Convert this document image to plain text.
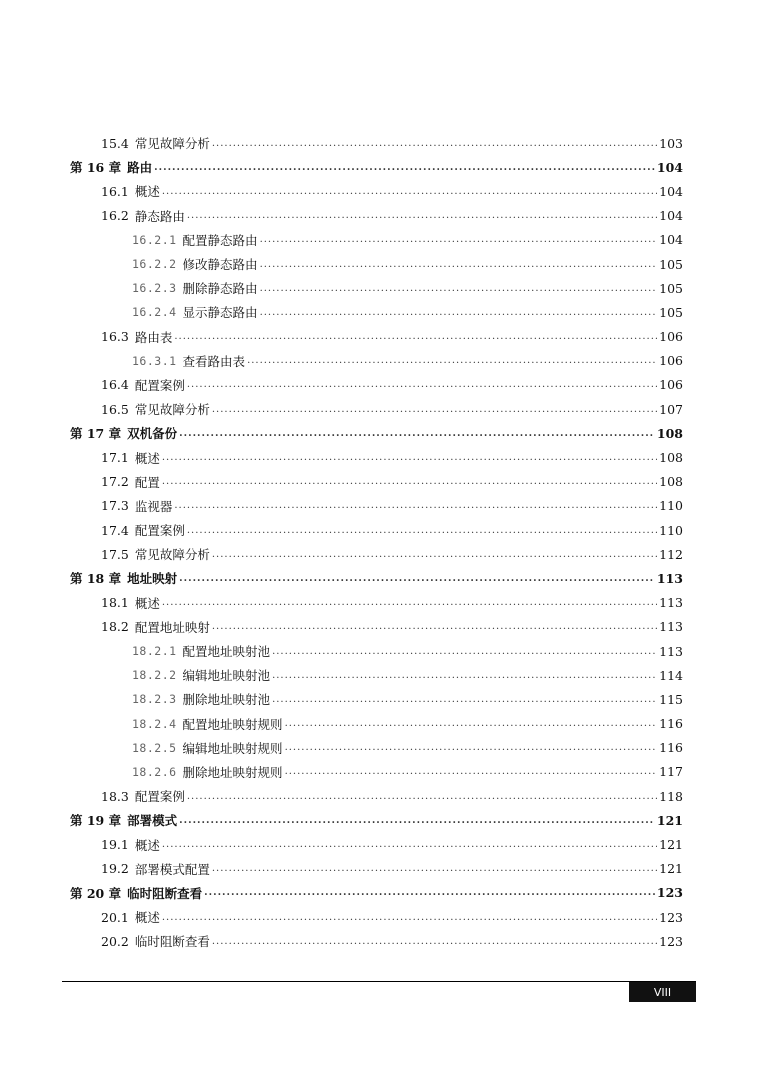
15.4 常见故障分析 .....	103
第 16 章 路由 .....	104
16.1 概述 .....	104
16.2 静态路由 .....	104
16.2.1 配置静态路由 .....	104
16.2.2 修改静态路由 .....	105
16.2.3 删除静态路由 .....	105
16.2.4 显示静态路由 .....	105
16.3 路由表 .....	106
16.3.1 查看路由表 .....	106
16.4 配置案例 .....	106
16.5 常见故障分析 .....	107
第 17 章 双机备份 .....	108
17.1 概述 .....	108
17.2 配置 .....	108
17.3 监视器 .....	110
17.4 配置案例 .....	110
17.5 常见故障分析 .....	112
第 18 章 地址映射 .....	113
18.1 概述 .....	113
18.2 配置地址映射 .....	113
18.2.1 配置地址映射池 .....	113
18.2.2 编辑地址映射池 .....	114
18.2.3 删除地址映射池 .....	115
18.2.4 配置地址映射规则 .....	116
18.2.5 编辑地址映射规则 .....	116
18.2.6 删除地址映射规则 .....	117
18.3 配置案例 .....	118
第 19 章 部署模式 .....	121
19.1 概述 .....	121
19.2 部署模式配置 .....	121
第 20 章 临时阻断查看 .....	123
20.1 概述 .....	123
20.2 临时阻断查看 .....	123
VIII
